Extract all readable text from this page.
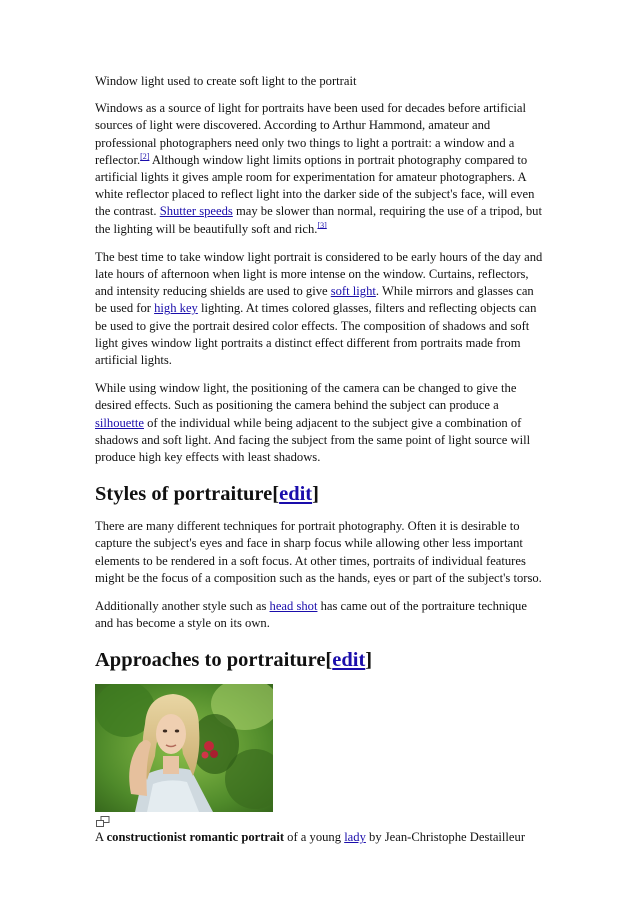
Window light used to create soft light to the portrait

Windows as a source of light for portraits have been used for decades before artificial sources of light were discovered. According to Arthur Hammond, amateur and professional photographers need only two things to light a portrait: a window and a reflector.[2] Although window light limits options in portrait photography compared to artificial lights it gives ample room for experimentation for amateur photographers. A white reflector placed to reflect light into the darker side of the subject's face, will even the contrast. Shutter speeds may be slower than normal, requiring the use of a tripod, but the lighting will be beautifully soft and rich.[3]

The best time to take window light portrait is considered to be early hours of the day and late hours of afternoon when light is more intense on the window. Curtains, reflectors, and intensity reducing shields are used to give soft light. While mirrors and glasses can be used for high key lighting. At times colored glasses, filters and reflecting objects can be used to give the portrait desired color effects. The composition of shadows and soft light gives window light portraits a distinct effect different from portraits made from artificial lights.

While using window light, the positioning of the camera can be changed to give the desired effects. Such as positioning the camera behind the subject can produce a silhouette of the individual while being adjacent to the subject give a combination of shadows and soft light. And facing the subject from the same point of light source will produce high key effects with least shadows.

Styles of portraiture[edit]

There are many different techniques for portrait photography. Often it is desirable to capture the subject's eyes and face in sharp focus while allowing other less important elements to be rendered in a soft focus. At other times, portraits of individual features might be the focus of a composition such as the hands, eyes or part of the subject's torso.

Additionally another style such as head shot has came out of the portraiture technique and has become a style on its own.

Approaches to portraiture[edit]

A constructionist romantic portrait of a young lady by Jean-Christophe Destailleur
